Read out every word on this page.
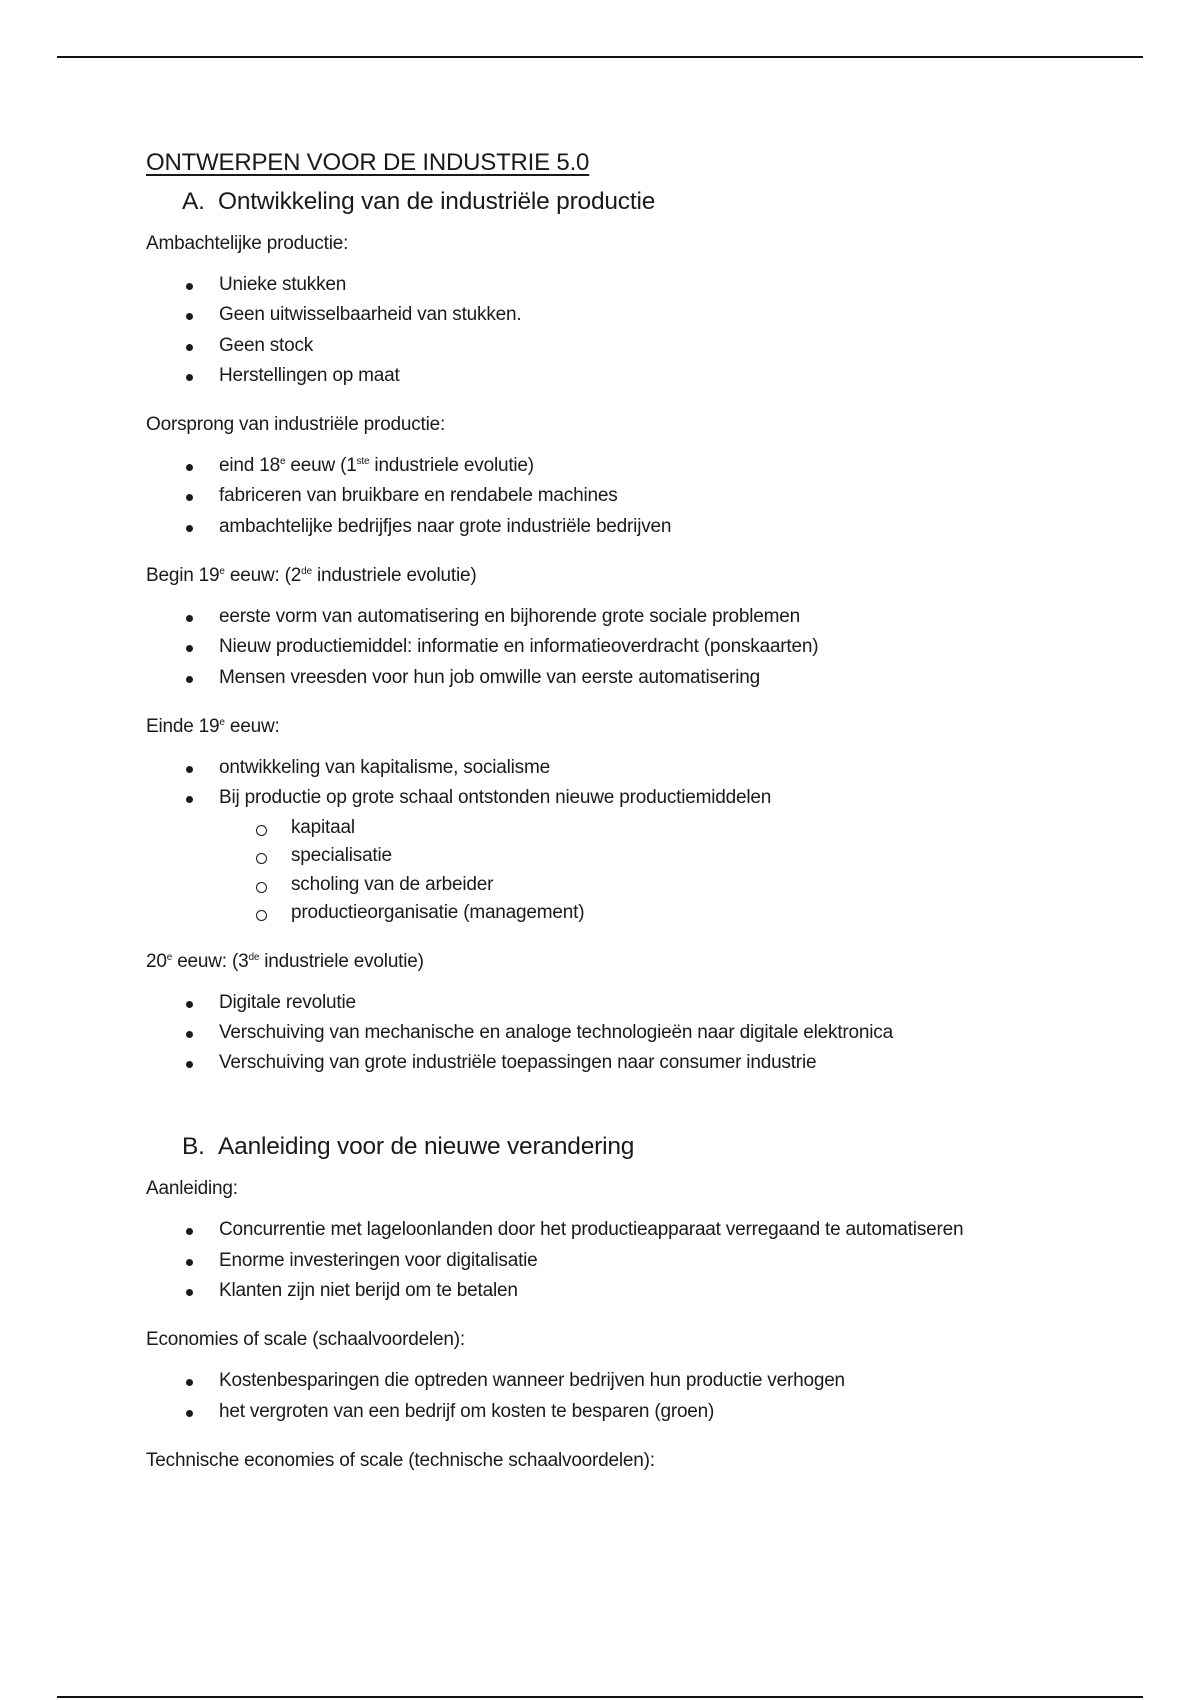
ONTWERPEN VOOR DE INDUSTRIE 5.0
A. Ontwikkeling van de industriële productie
Ambachtelijke productie:
Unieke stukken
Geen uitwisselbaarheid van stukken.
Geen stock
Herstellingen op maat
Oorsprong van industriële productie:
eind 18e eeuw (1ste industriele evolutie)
fabriceren van bruikbare en rendabele machines
ambachtelijke bedrijfjes naar grote industriële bedrijven
Begin 19e eeuw: (2de industriele evolutie)
eerste vorm van automatisering en bijhorende grote sociale problemen
Nieuw productiemiddel: informatie en informatieoverdracht (ponskaarten)
Mensen vreesden voor hun job omwille van eerste automatisering
Einde 19e eeuw:
ontwikkeling van kapitalisme, socialisme
Bij productie op grote schaal ontstonden nieuwe productiemiddelen
kapitaal
specialisatie
scholing van de arbeider
productieorganisatie (management)
20e eeuw: (3de industriele evolutie)
Digitale revolutie
Verschuiving van mechanische en analoge technologieën naar digitale elektronica
Verschuiving van grote industriële toepassingen naar consumer industrie
B. Aanleiding voor de nieuwe verandering
Aanleiding:
Concurrentie met lageloonlanden door het productieapparaat verregaand te automatiseren
Enorme investeringen voor digitalisatie
Klanten zijn niet berijd om te betalen
Economies of scale (schaalvoordelen):
Kostenbesparingen die optreden wanneer bedrijven hun productie verhogen
het vergroten van een bedrijf om kosten te besparen (groen)
Technische economies of scale (technische schaalvoordelen):
